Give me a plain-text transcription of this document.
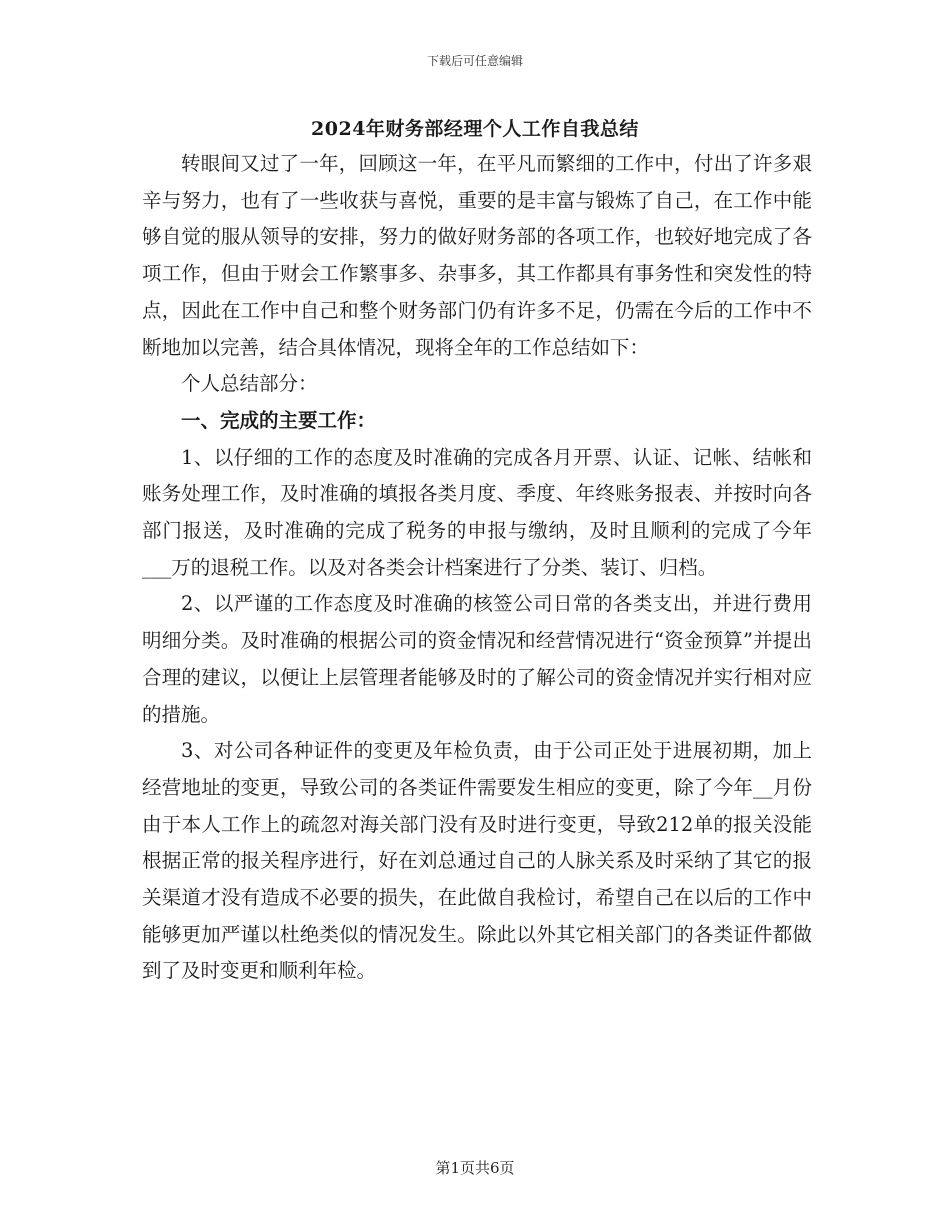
下载后可任意编辑
2024年财务部经理个人工作自我总结

转眼间又过了一年，回顾这一年，在平凡而繁细的工作中，付出了许多艰辛与努力，也有了一些收获与喜悦，重要的是丰富与锻炼了自己，在工作中能够自觉的服从领导的安排，努力的做好财务部的各项工作，也较好地完成了各项工作，但由于财会工作繁事多、杂事多，其工作都具有事务性和突发性的特点，因此在工作中自己和整个财务部门仍有许多不足，仍需在今后的工作中不断地加以完善，结合具体情况，现将全年的工作总结如下：

个人总结部分：

一、完成的主要工作：

1、以仔细的工作的态度及时准确的完成各月开票、认证、记帐、结帐和账务处理工作，及时准确的填报各类月度、季度、年终账务报表、并按时向各部门报送，及时准确的完成了税务的申报与缴纳，及时且顺利的完成了今年___万的退税工作。以及对各类会计档案进行了分类、装订、归档。

2、以严谨的工作态度及时准确的核签公司日常的各类支出，并进行费用明细分类。及时准确的根据公司的资金情况和经营情况进行“资金预算”并提出合理的建议，以便让上层管理者能够及时的了解公司的资金情况并实行相对应的措施。

3、对公司各种证件的变更及年检负责，由于公司正处于进展初期，加上经营地址的变更，导致公司的各类证件需要发生相应的变更，除了今年__月份由于本人工作上的疏忽对海关部门没有及时进行变更，导致212单的报关没能根据正常的报关程序进行，好在刘总通过自己的人脉关系及时采纳了其它的报关渠道才没有造成不必要的损失，在此做自我检讨，希望自己在以后的工作中能够更加严谨以杜绝类似的情况发生。除此以外其它相关部门的各类证件都做到了及时变更和顺利年检。

第1页共6页
